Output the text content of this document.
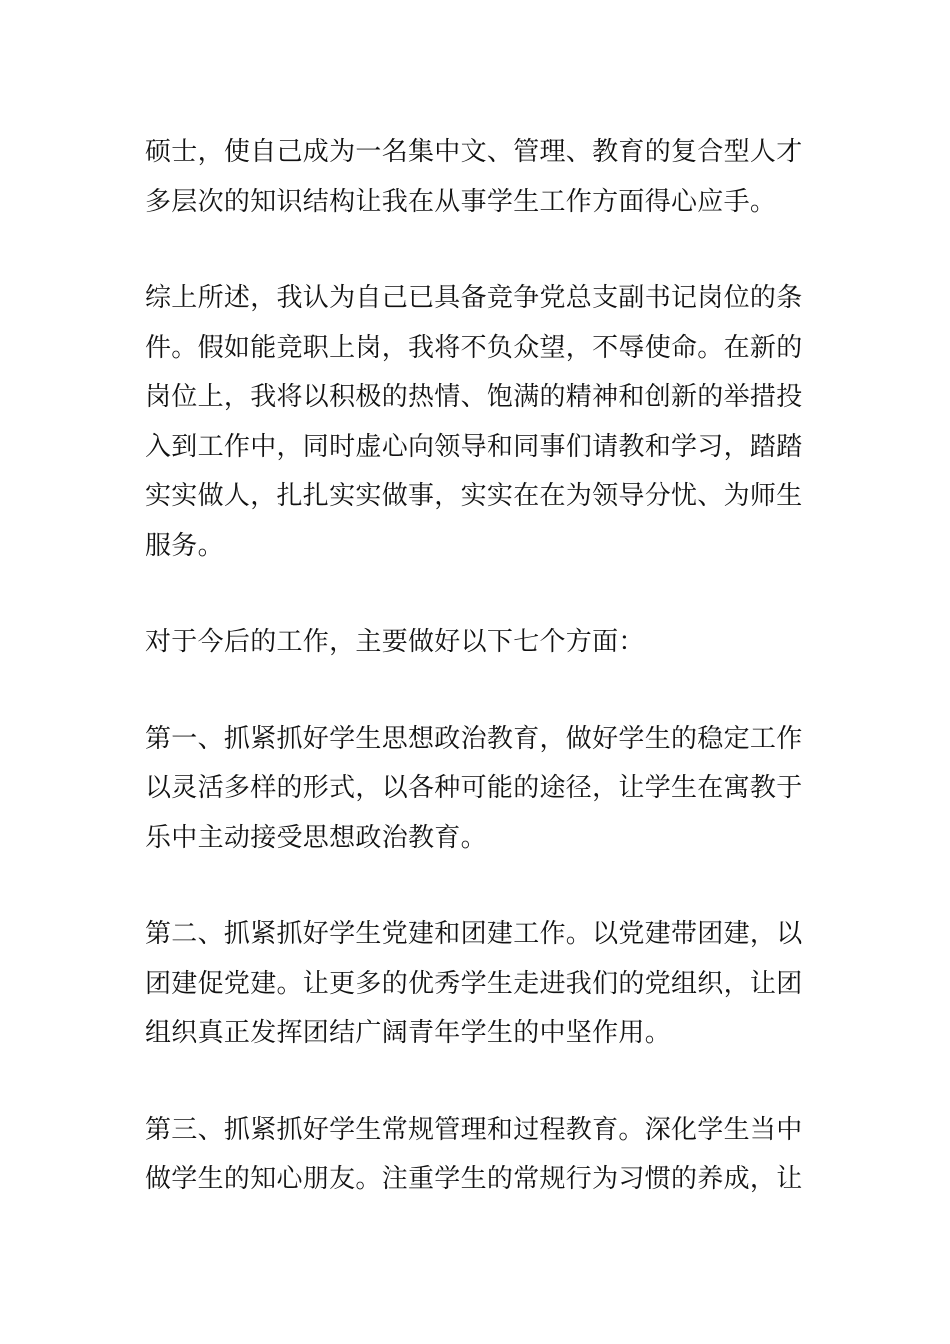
硕士，使自己成为一名集中文、管理、教育的复合型人才
多层次的知识结构让我在从事学生工作方面得心应手。
综上所述，我认为自己已具备竞争党总支副书记岗位的条
件。假如能竞职上岗，我将不负众望，不辱使命。在新的
岗位上，我将以积极的热情、饱满的精神和创新的举措投
入到工作中，同时虚心向领导和同事们请教和学习，踏踏
实实做人，扎扎实实做事，实实在在为领导分忧、为师生
服务。
对于今后的工作，主要做好以下七个方面：
第一、抓紧抓好学生思想政治教育，做好学生的稳定工作
以灵活多样的形式，以各种可能的途径，让学生在寓教于
乐中主动接受思想政治教育。
第二、抓紧抓好学生党建和团建工作。以党建带团建，以
团建促党建。让更多的优秀学生走进我们的党组织，让团
组织真正发挥团结广阔青年学生的中坚作用。
第三、抓紧抓好学生常规管理和过程教育。深化学生当中
做学生的知心朋友。注重学生的常规行为习惯的养成，让
